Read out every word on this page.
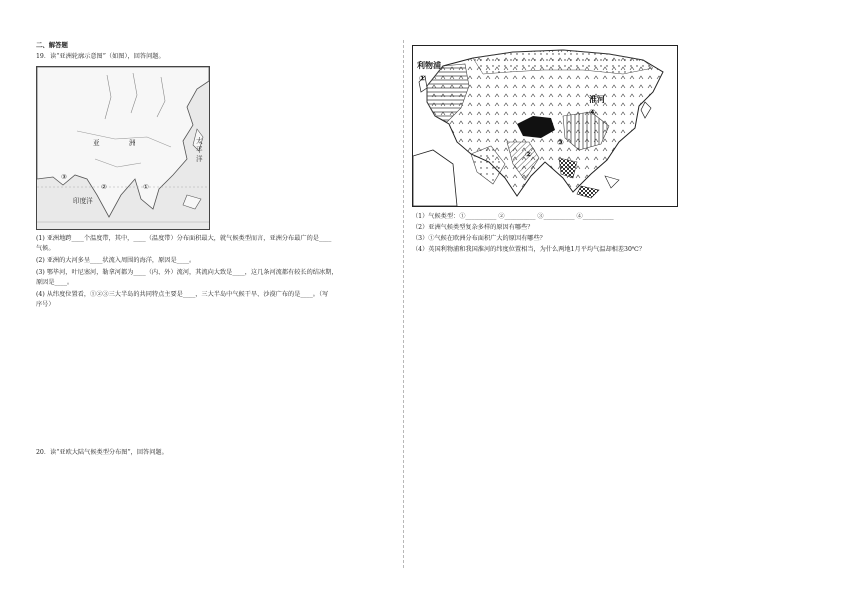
二、解答题
19．读“亚洲轮廓示意图”（如图），回答问题。
亚	洲	太平洋
③
②	①
印度洋
(1) 亚洲地跨____个温度带，其中，____（温度带）分布面积最大，就气候类型而言，亚洲分布最广的是____
气候。
(2) 亚洲的大河多呈____状流入周围的海洋，原因是____。
(3) 鄂毕河，叶尼塞河，勒拿河都为____（内、外）流河，其流向大致是____，这几条河流都有较长的结冰期，
原因是____。
(4) 从纬度位置看，①②③三大半岛的共同特点主要是____，三大半岛中气候干旱、沙漠广布的是____。（写
序号）
20．读“亚欧大陆气候类型分布图”，回答问题。
利物浦
淮河
①
②
③
④
（1）气候类型：①__________ ②__________ ③__________ ④__________
（2）亚洲气候类型复杂多样的原因有哪些？
（3）①气候在欧洲分布面积广大的原因有哪些？
（4）英国利物浦和我国淮河的纬度位置相当，为什么两地1月平均气温却相差30℃？
